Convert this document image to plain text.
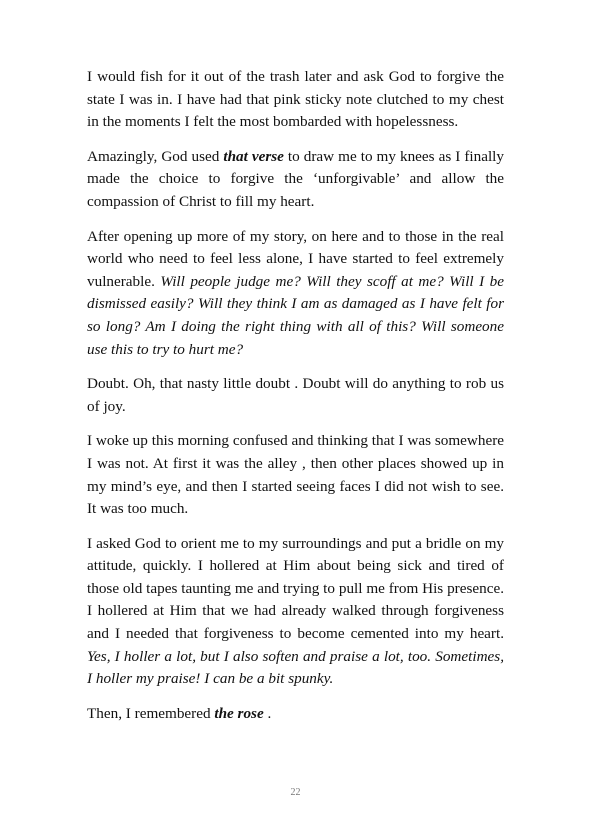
I would fish for it out of the trash later and ask God to forgive the state I was in. I have had that pink sticky note clutched to my chest in the moments I felt the most bombarded with hopelessness.

Amazingly, God used that verse to draw me to my knees as I finally made the choice to forgive the ‘unforgivable’ and allow the compassion of Christ to fill my heart.

After opening up more of my story, on here and to those in the real world who need to feel less alone, I have started to feel extremely vulnerable. Will people judge me? Will they scoff at me? Will I be dismissed easily? Will they think I am as damaged as I have felt for so long? Am I doing the right thing with all of this? Will someone use this to try to hurt me?

Doubt. Oh, that nasty little doubt . Doubt will do anything to rob us of joy.

I woke up this morning confused and thinking that I was somewhere I was not. At first it was the alley , then other places showed up in my mind’s eye, and then I started seeing faces I did not wish to see. It was too much.

I asked God to orient me to my surroundings and put a bridle on my attitude, quickly. I hollered at Him about being sick and tired of those old tapes taunting me and trying to pull me from His presence. I hollered at Him that we had already walked through forgiveness and I needed that forgiveness to become cemented into my heart. Yes, I holler a lot, but I also soften and praise a lot, too. Sometimes, I holler my praise! I can be a bit spunky.

Then, I remembered the rose .

22
